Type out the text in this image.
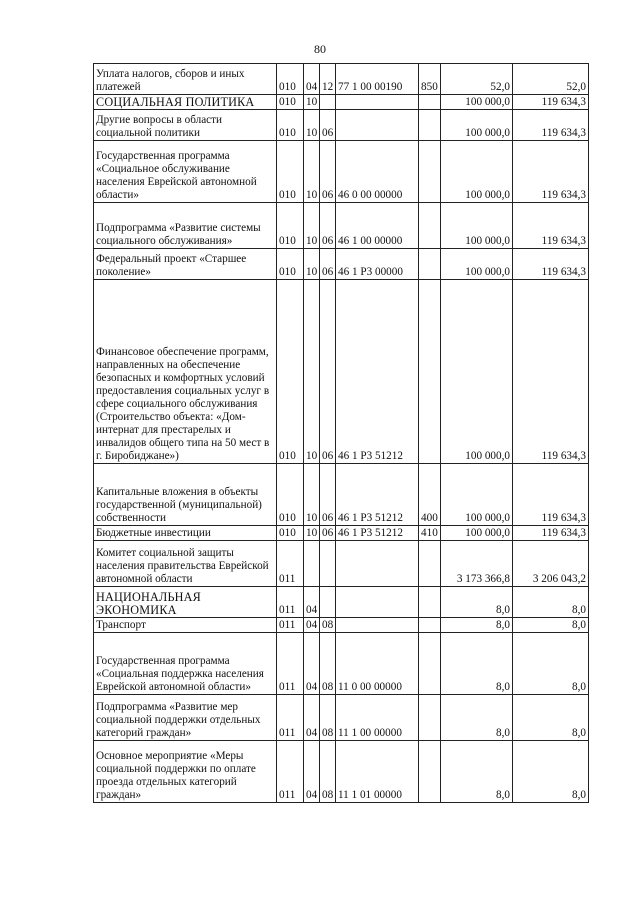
80
Уплата налогов, сборов и иных платежей	010	04	12	77 1 00 00190	850	52,0	52,0
СОЦИАЛЬНАЯ ПОЛИТИКА	010	10				100 000,0	119 634,3
Другие вопросы в области социальной политики	010	10	06			100 000,0	119 634,3
Государственная программа «Социальное обслуживание населения Еврейской автономной области»	010	10	06	46 0 00 00000		100 000,0	119 634,3
Подпрограмма «Развитие системы социального обслуживания»	010	10	06	46 1 00 00000		100 000,0	119 634,3
Федеральный проект «Старшее поколение»	010	10	06	46 1 P3 00000		100 000,0	119 634,3
Финансовое обеспечение программ, направленных на обеспечение безопасных и комфортных условий предоставления социальных услуг в сфере социального обслуживания (Строительство объекта: «Дом-интернат для престарелых и инвалидов общего типа на 50 мест в г. Биробиджане»)	010	10	06	46 1 P3 51212		100 000,0	119 634,3
Капитальные вложения в объекты государственной (муниципальной) собственности	010	10	06	46 1 P3 51212	400	100 000,0	119 634,3
Бюджетные инвестиции	010	10	06	46 1 P3 51212	410	100 000,0	119 634,3
Комитет социальной защиты населения правительства Еврейской автономной области	011					3 173 366,8	3 206 043,2
НАЦИОНАЛЬНАЯ ЭКОНОМИКА	011	04				8,0	8,0
Транспорт	011	04	08			8,0	8,0
Государственная программа «Социальная поддержка населения Еврейской автономной области»	011	04	08	11 0 00 00000		8,0	8,0
Подпрограмма «Развитие мер социальной поддержки отдельных категорий граждан»	011	04	08	11 1 00 00000		8,0	8,0
Основное мероприятие «Меры социальной поддержки по оплате проезда отдельных категорий граждан»	011	04	08	11 1 01 00000		8,0	8,0
